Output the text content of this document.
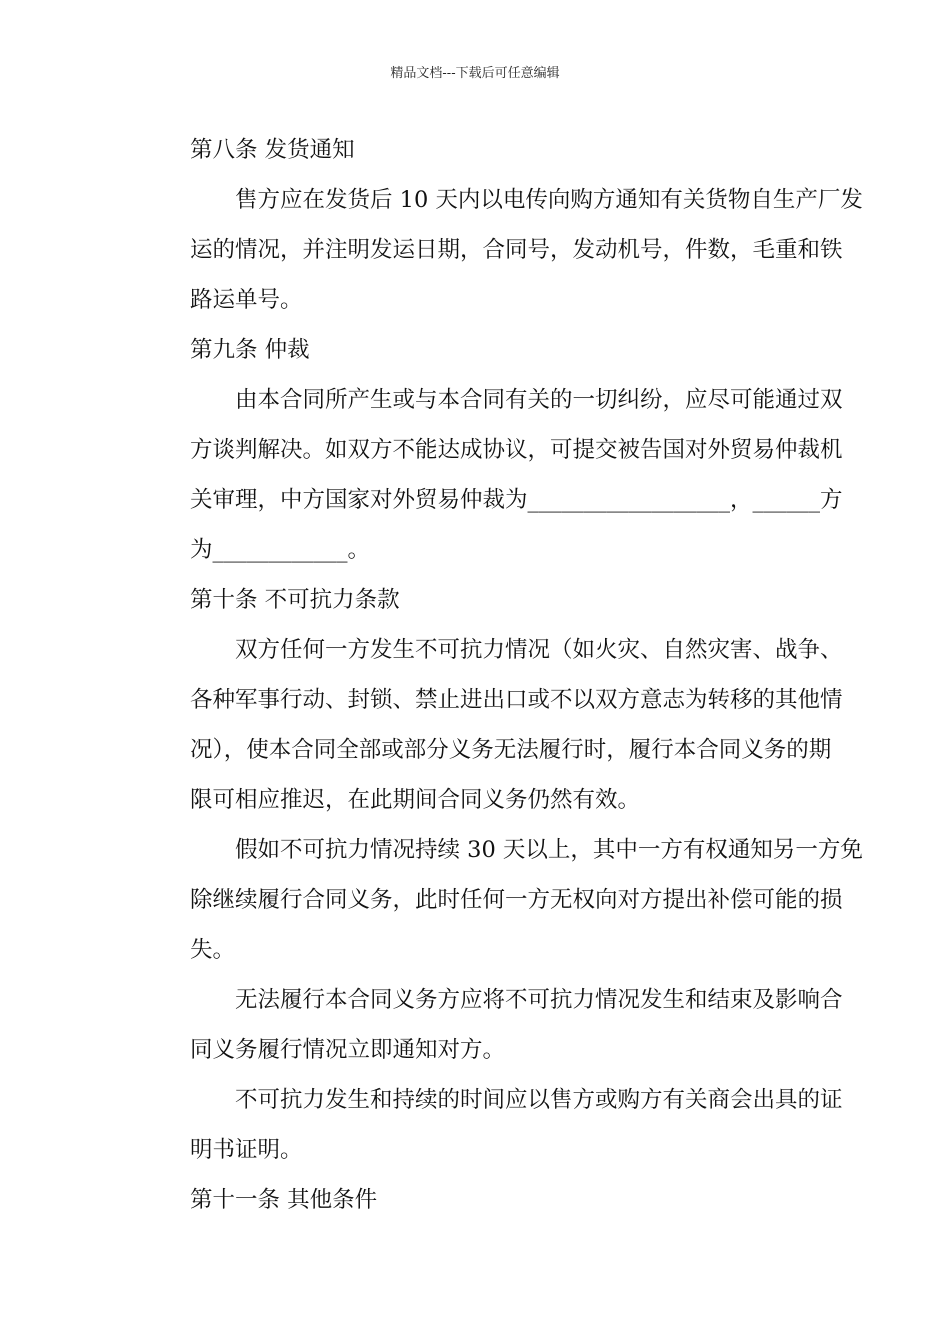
精品文档---下载后可任意编辑
第八条 发货通知
售方应在发货后 10 天内以电传向购方通知有关货物自生产厂发
运的情况，并注明发运日期，合同号，发动机号，件数，毛重和铁
路运单号。
第九条 仲裁
由本合同所产生或与本合同有关的一切纠纷，应尽可能通过双
方谈判解决。如双方不能达成协议，可提交被告国对外贸易仲裁机
关审理，中方国家对外贸易仲裁为__________________，______方
为____________。
第十条 不可抗力条款
双方任何一方发生不可抗力情况（如火灾、自然灾害、战争、
各种军事行动、封锁、禁止进出口或不以双方意志为转移的其他情
况），使本合同全部或部分义务无法履行时，履行本合同义务的期
限可相应推迟，在此期间合同义务仍然有效。
假如不可抗力情况持续 30 天以上，其中一方有权通知另一方免
除继续履行合同义务，此时任何一方无权向对方提出补偿可能的损
失。
无法履行本合同义务方应将不可抗力情况发生和结束及影响合
同义务履行情况立即通知对方。
不可抗力发生和持续的时间应以售方或购方有关商会出具的证
明书证明。
第十一条 其他条件
